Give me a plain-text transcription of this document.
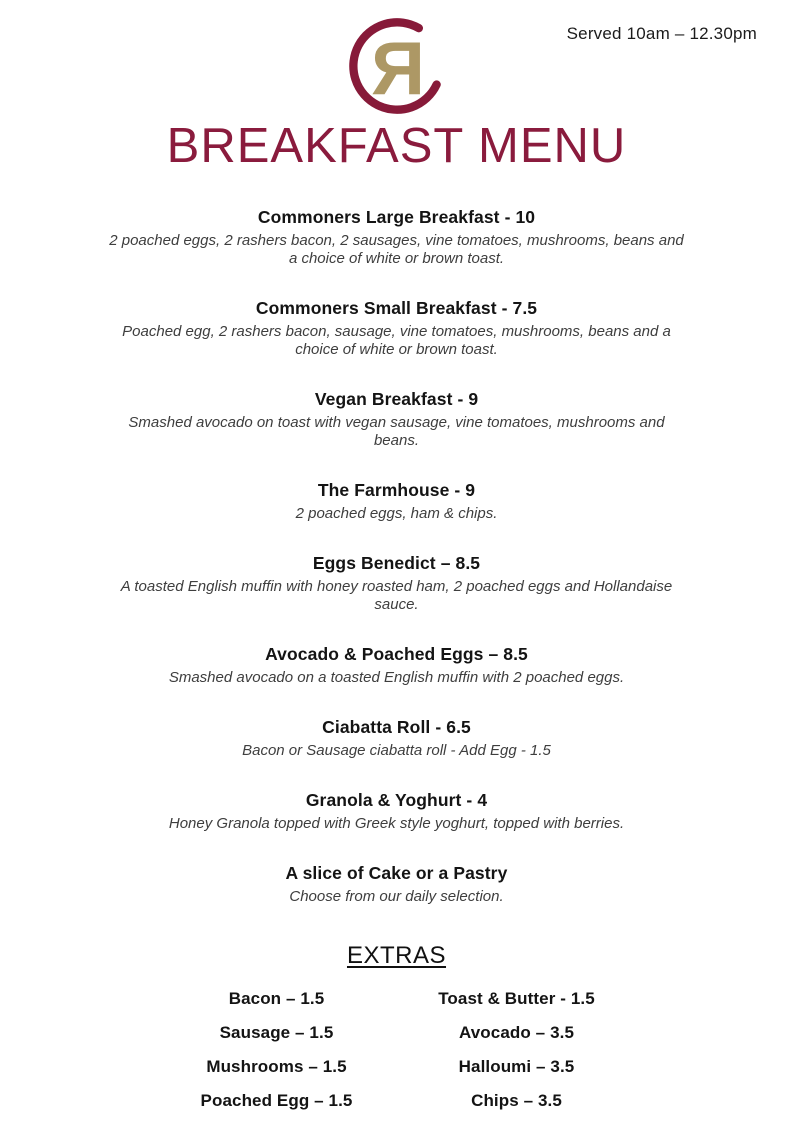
Served 10am – 12.30pm
Я
BREAKFAST MENU
Commoners Large Breakfast - 10

2 poached eggs, 2 rashers bacon, 2 sausages, vine tomatoes, mushrooms, beans and a choice of white or brown toast.

Commoners Small Breakfast - 7.5

Poached egg, 2 rashers bacon, sausage, vine tomatoes, mushrooms, beans and a choice of white or brown toast.

Vegan Breakfast - 9

Smashed avocado on toast with vegan sausage, vine tomatoes, mushrooms and beans.

The Farmhouse - 9

2 poached eggs, ham & chips.

Eggs Benedict – 8.5

A toasted English muffin with honey roasted ham, 2 poached eggs and Hollandaise sauce.

Avocado & Poached Eggs – 8.5

Smashed avocado on a toasted English muffin with 2 poached eggs.

Ciabatta Roll - 6.5

Bacon or Sausage ciabatta roll - Add Egg - 1.5

Granola & Yoghurt - 4

Honey Granola topped with Greek style yoghurt, topped with berries.

A slice of Cake or a Pastry

Choose from our daily selection.

EXTRAS
Bacon – 1.5	Toast & Butter - 1.5
Sausage – 1.5	Avocado – 3.5
Mushrooms – 1.5	Halloumi – 3.5
Poached Egg – 1.5	Chips – 3.5
